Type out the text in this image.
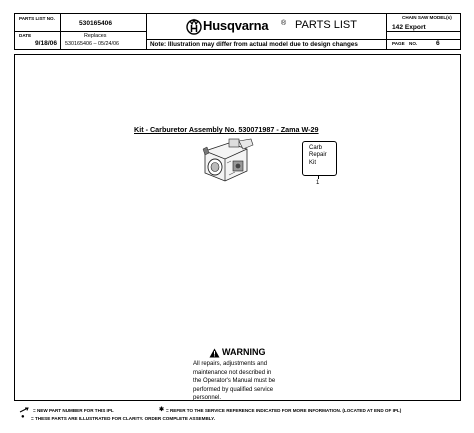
PARTS LIST NO.
530165406
DATE
9/18/06
Replaces
530165406 – 05/24/06
Husqvarna ® PARTS LIST
Note: Illustration may differ from actual model due to design changes
CHAIN SAW MODEL(s)
142 Export
PAGE NO.	6
Kit - Carburetor Assembly No. 530071987 - Zama W-29
Carb
Repair
Kit
1
WARNING
All repairs, adjustments and
maintenance not described in
the Operator's Manual must be
performed by qualified service
personnel.
= NEW PART NUMBER FOR THIS IPL	✱ = REFER TO THE SERVICE REFERENCE INDICATED FOR MORE INFORMATION. (LOCATED AT END OF IPL)
● = THESE PARTS ARE ILLUSTRATED FOR CLARITY. ORDER COMPLETE ASSEMBLY.
